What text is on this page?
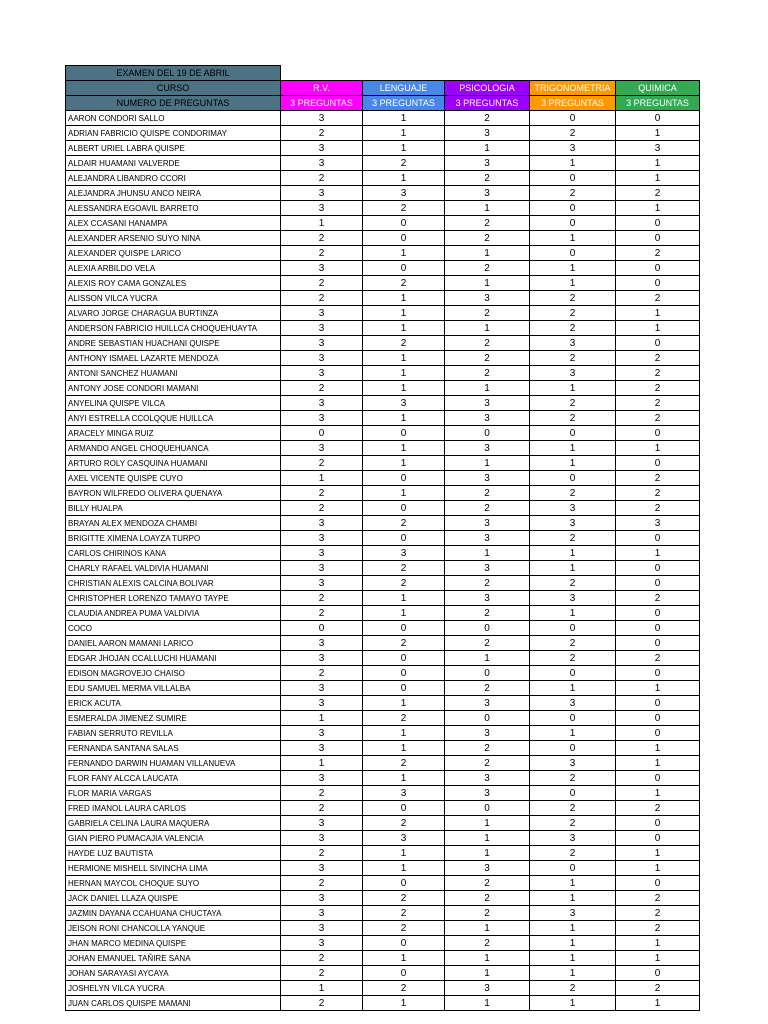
EXAMEN DEL 19 DE ABRIL					
CURSO	R.V.	LENGUAJE	PSICOLOGIA	TRIGONOMETRIA	QUIMICA
NUMERO DE PREGUNTAS	3 PREGUNTAS	3 PREGUNTAS	3 PREGUNTAS	3 PREGUNTAS	3 PREGUNTAS
AARON CONDORI SALLO	3	1	2	0	0
ADRIAN FABRICIO QUISPE CONDORIMAY	2	1	3	2	1
ALBERT URIEL LABRA QUISPE	3	1	1	3	3
ALDAIR HUAMANI VALVERDE	3	2	3	1	1
ALEJANDRA LIBANDRO CCORI	2	1	2	0	1
ALEJANDRA JHUNSU ANCO NEIRA	3	3	3	2	2
ALESSANDRA EGOAVIL BARRETO	3	2	1	0	1
ALEX CCASANI HANAMPA	1	0	2	0	0
ALEXANDER ARSENIO SUYO NINA	2	0	2	1	0
ALEXANDER QUISPE LARICO	2	1	1	0	2
ALEXIA ARBILDO VELA	3	0	2	1	0
ALEXIS ROY CAMA GONZALES	2	2	1	1	0
ALISSON VILCA YUCRA	2	1	3	2	2
ALVARO JORGE CHARAGUA BURTINZA	3	1	2	2	1
ANDERSON FABRICIO HUILLCA CHOQUEHUAYTA	3	1	1	2	1
ANDRE SEBASTIAN HUACHANI QUISPE	3	2	2	3	0
ANTHONY ISMAEL LAZARTE MENDOZA	3	1	2	2	2
ANTONI SANCHEZ HUAMANI	3	1	2	3	2
ANTONY JOSE CONDORI MAMANI	2	1	1	1	2
ANYELINA QUISPE VILCA	3	3	3	2	2
ANYI ESTRELLA CCOLQQUE HUILLCA	3	1	3	2	2
ARACELY MINGA RUIZ	0	0	0	0	0
ARMANDO ANGEL CHOQUEHUANCA	3	1	3	1	1
ARTURO ROLY CASQUINA HUAMANI	2	1	1	1	0
AXEL VICENTE QUISPE CUYO	1	0	3	0	2
BAYRON WILFREDO OLIVERA QUENAYA	2	1	2	2	2
BILLY HUALPA	2	0	2	3	2
BRAYAN ALEX MENDOZA CHAMBI	3	2	3	3	3
BRIGITTE XIMENA LOAYZA TURPO	3	0	3	2	0
CARLOS CHIRINOS KANA	3	3	1	1	1
CHARLY RAFAEL VALDIVIA HUAMANI	3	2	3	1	0
CHRISTIAN ALEXIS CALCINA BOLIVAR	3	2	2	2	0
CHRISTOPHER LORENZO TAMAYO TAYPE	2	1	3	3	2
CLAUDIA ANDREA PUMA VALDIVIA	2	1	2	1	0
COCO	0	0	0	0	0
DANIEL AARON MAMANI LARICO	3	2	2	2	0
EDGAR JHOJAN CCALLUCHI HUAMANI	3	0	1	2	2
EDISON MAGROVEJO CHAISO	2	0	0	0	0
EDU SAMUEL MERMA VILLALBA	3	0	2	1	1
ERICK ACUTA	3	1	3	3	0
ESMERALDA JIMENEZ SUMIRE	1	2	0	0	0
FABIAN SERRUTO REVILLA	3	1	3	1	0
FERNANDA SANTANA SALAS	3	1	2	0	1
FERNANDO DARWIN HUAMAN VILLANUEVA	1	2	2	3	1
FLOR FANY ALCCA LAUCATA	3	1	3	2	0
FLOR MARIA VARGAS	2	3	3	0	1
FRED IMANOL LAURA CARLOS	2	0	0	2	2
GABRIELA CELINA LAURA MAQUERA	3	2	1	2	0
GIAN PIERO PUMACAJIA VALENCIA	3	3	1	3	0
HAYDE LUZ BAUTISTA	2	1	1	2	1
HERMIONE MISHELL SIVINCHA LIMA	3	1	3	0	1
HERNAN MAYCOL CHOQUE SUYO	2	0	2	1	0
JACK DANIEL LLAZA QUISPE	3	2	2	1	2
JAZMIN DAYANA CCAHUANA CHUCTAYA	3	2	2	3	2
JEISON RONI CHANCOLLA YANQUE	3	2	1	1	2
JHAN MARCO MEDINA QUISPE	3	0	2	1	1
JOHAN EMANUEL TAÑIRE SANA	2	1	1	1	1
JOHAN SARAYASI AYCAYA	2	0	1	1	0
JOSHELYN VILCA YUCRA	1	2	3	2	2
JUAN CARLOS QUISPE MAMANI	2	1	1	1	1
